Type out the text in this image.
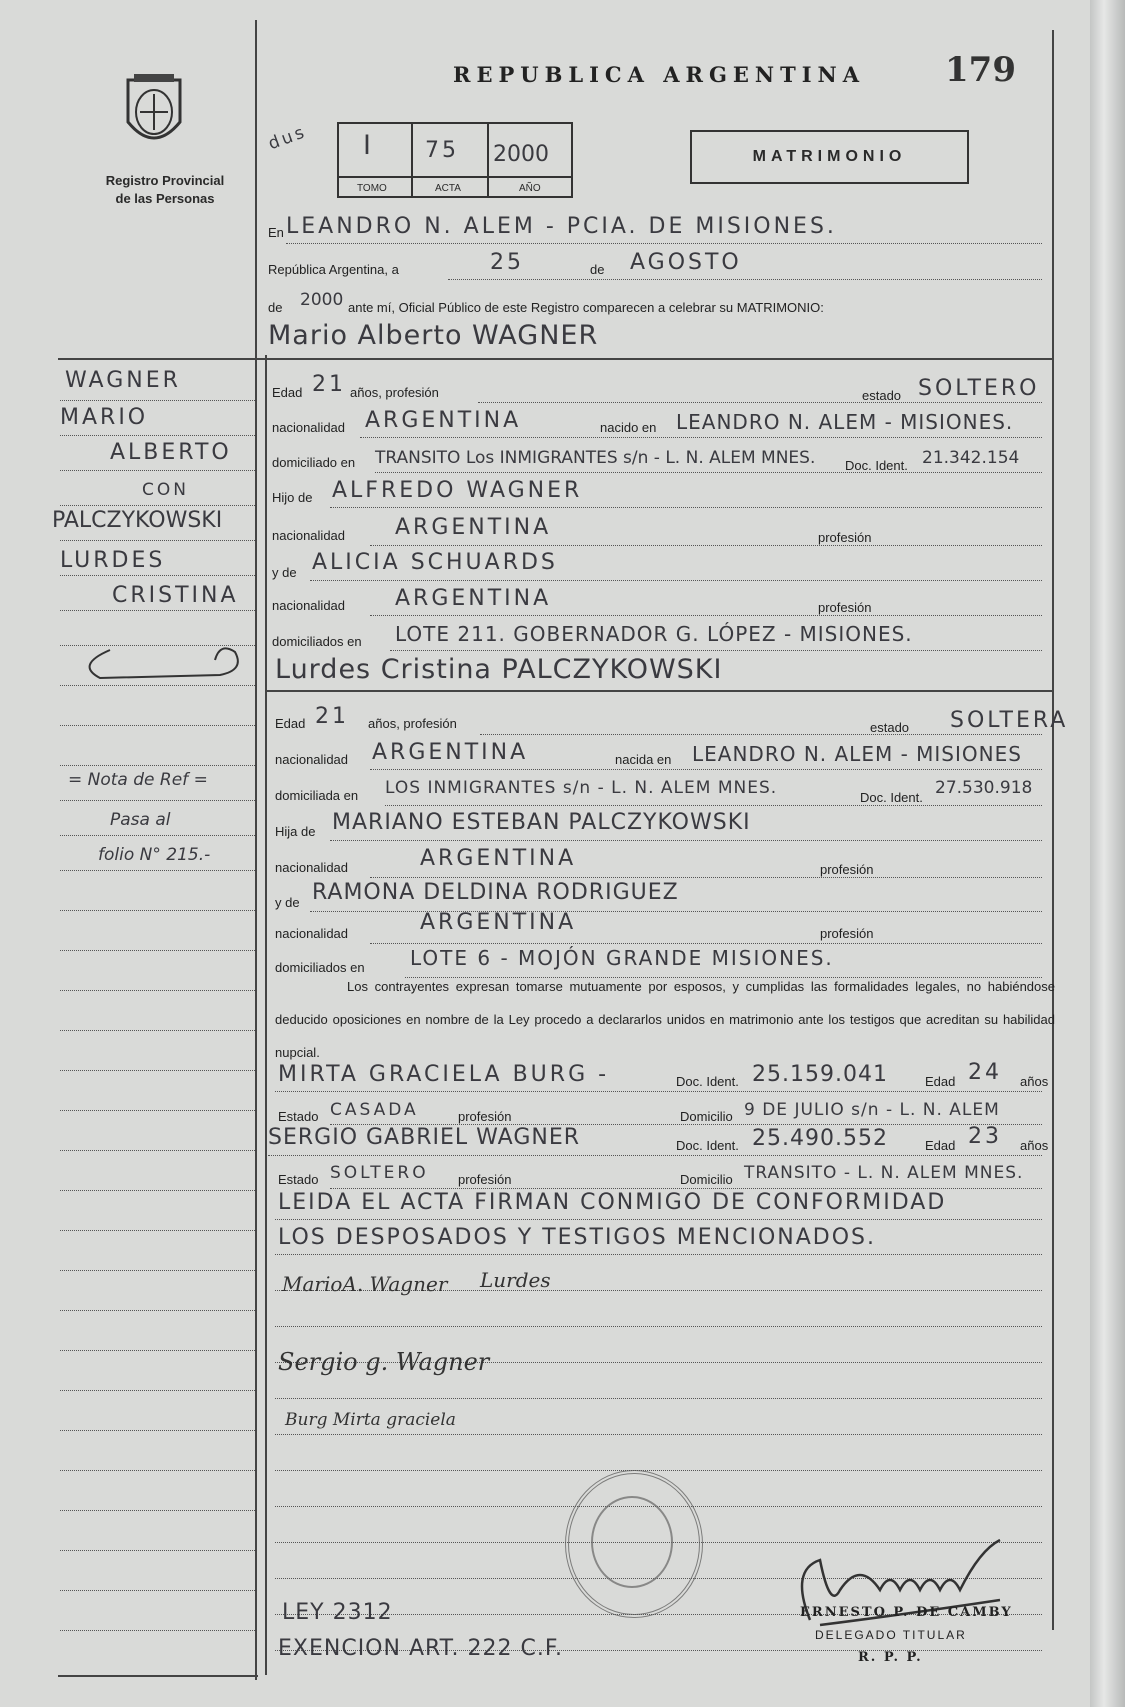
Registro Provincial
de las Personas
REPUBLICA ARGENTINA 179
dus I 75 2000
TOMO	ACTA	AÑO
MATRIMONIO
En LEANDRO N. ALEM - PCIA. DE MISIONES.
República Argentina, a	25	de AGOSTO
de 2000 ante mí, Oficial Público de este Registro comparecen a celebrar su MATRIMONIO:
Mario Alberto WAGNER
WAGNER
MARIO
ALBERTO
CON
PALCZYKOWSKI
LURDES
CRISTINA
= Nota de Ref =
Pasa al
folio N° 215.-
Edad 21 años, profesión	estado SOLTERO
nacionalidad ARGENTINA	nacido en LEANDRO N. ALEM - MISIONES.
domiciliado en TRANSITO Los INMIGRANTES s/n - L. N. ALEM MNES. Doc. Ident. 21.342.154
Hijo de ALFREDO WAGNER
nacionalidad ARGENTINA	profesión
y de ALICIA SCHUARDS
nacionalidad ARGENTINA	profesión
domiciliados en LOTE 211. GOBERNADOR G. LÓPEZ - MISIONES.
Lurdes Cristina PALCZYKOWSKI
Edad 21 años, profesión	estado SOLTERA
nacionalidad ARGENTINA	nacida en LEANDRO N. ALEM - MISIONES
domiciliada en LOS INMIGRANTES s/n - L. N. ALEM MNES.	Doc. Ident. 27.530.918
Hija de MARIANO ESTEBAN PALCZYKOWSKI
nacionalidad	ARGENTINA	profesión
y de RAMONA DELDINA RODRIGUEZ
nacionalidad	ARGENTINA	profesión
domiciliados en LOTE 6 - MOJÓN GRANDE MISIONES.
Los contrayentes expresan tomarse mutuamente por esposos, y cumplidas las formalidades legales, no habiéndose deducido oposiciones en nombre de la Ley procedo a declararlos unidos en matrimonio ante los testigos que acreditan su habilidad nupcial.
MIRTA GRACIELA BURG -	Doc. Ident. 25.159.041	Edad 24 años
Estado CASADA	profesión	Domicilio 9 DE JULIO s/n - L. N. ALEM
SERGIO GABRIEL WAGNER	Doc. Ident. 25.490.552	Edad 23 años
Estado SOLTERO profesión	Domicilio TRANSITO - L. N. ALEM MNES.
LEIDA EL ACTA FIRMAN CONMIGO DE CONFORMIDAD
LOS DESPOSADOS Y TESTIGOS MENCIONADOS.
MarioA. Wagner Lurdes
Sergio g. Wagner
Burg Mirta graciela
ERNESTO P. DE CAMBY
DELEGADO TITULAR
R. P. P.
LEY 2312
EXENCION ART. 222 C.F.
